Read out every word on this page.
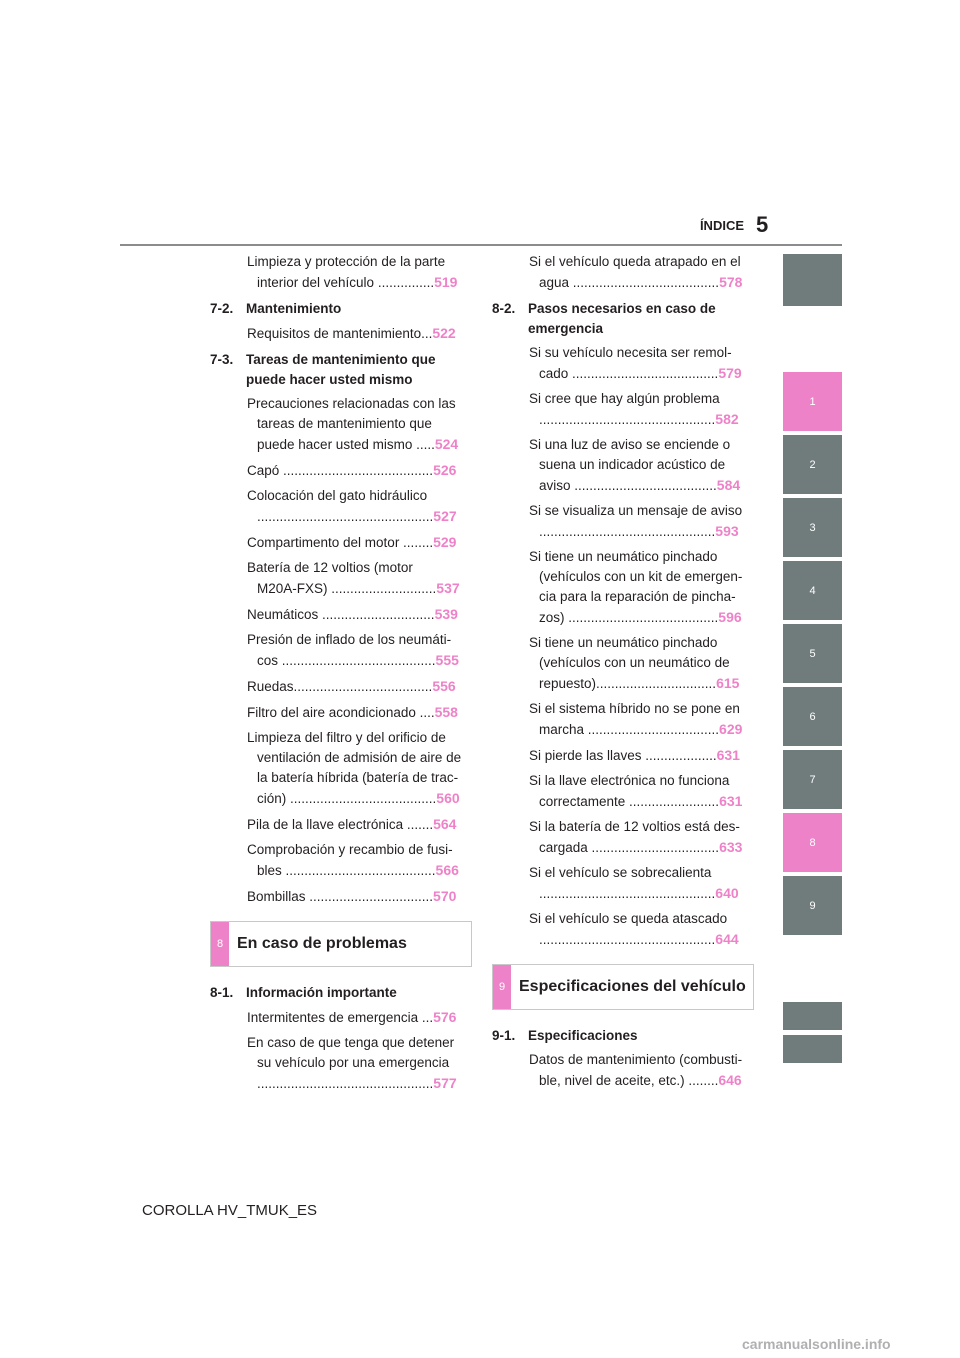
ÍNDICE 5
Limpieza y protección de la parte
interior del vehículo ...............519
7-2. Mantenimiento
Requisitos de mantenimiento...522
7-3. Tareas de mantenimiento que
puede hacer usted mismo
Precauciones relacionadas con las
tareas de mantenimiento que
puede hacer usted mismo .....524
Capó ........................................526
Colocación del gato hidráulico
...............................................527
Compartimento del motor ........529
Batería de 12 voltios (motor
M20A-FXS) ............................537
Neumáticos ..............................539
Presión de inflado de los neumáti-
cos .........................................555
Ruedas.....................................556
Filtro del aire acondicionado ....558
Limpieza del filtro y del orificio de
ventilación de admisión de aire de
la batería híbrida (batería de trac-
ción) .......................................560
Pila de la llave electrónica .......564
Comprobación y recambio de fusi-
bles ........................................566
Bombillas .................................570
8 En caso de problemas
8-1. Información importante
Intermitentes de emergencia ...576
En caso de que tenga que detener
su vehículo por una emergencia
...............................................577
Si el vehículo queda atrapado en el
agua .......................................578
8-2. Pasos necesarios en caso de
emergencia
Si su vehículo necesita ser remol-
cado .......................................579
Si cree que hay algún problema
...............................................582
Si una luz de aviso se enciende o
suena un indicador acústico de
aviso ......................................584
Si se visualiza un mensaje de aviso
...............................................593
Si tiene un neumático pinchado
(vehículos con un kit de emergen-
cia para la reparación de pincha-
zos) ........................................596
Si tiene un neumático pinchado
(vehículos con un neumático de
repuesto)................................615
Si el sistema híbrido no se pone en
marcha ...................................629
Si pierde las llaves ...................631
Si la llave electrónica no funciona
correctamente ........................631
Si la batería de 12 voltios está des-
cargada ..................................633
Si el vehículo se sobrecalienta
...............................................640
Si el vehículo se queda atascado
...............................................644
9 Especificaciones del vehículo
9-1. Especificaciones
Datos de mantenimiento (combusti-
ble, nivel de aceite, etc.) ........646
1
2
3
4
5
6
7
8
9
COROLLA HV_TMUK_ES
carmanualsonline.info
